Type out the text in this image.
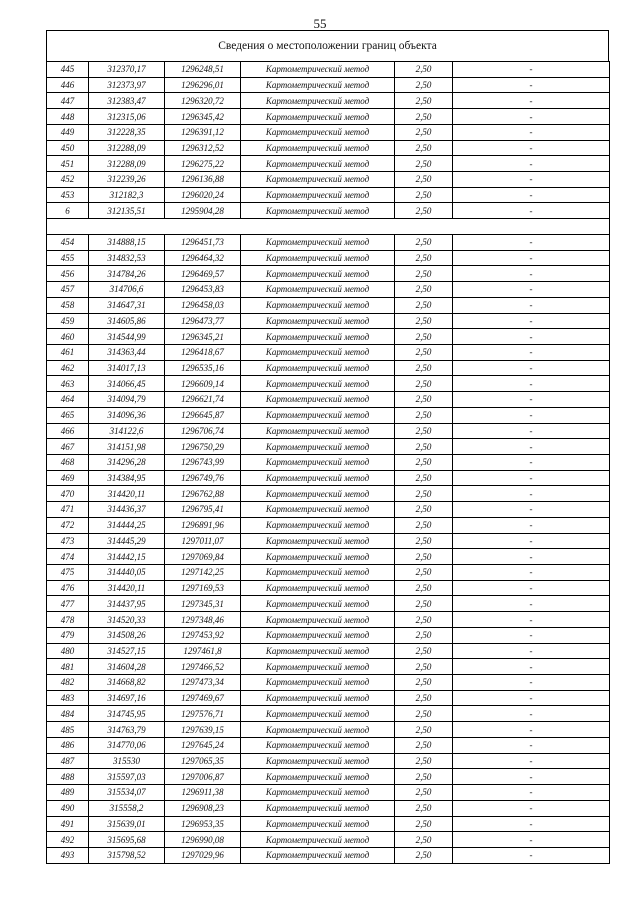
55
Сведения о местоположении границ объекта
445	312370,17	1296248,51	Картометрический метод	2,50	-
446	312373,97	1296296,01	Картометрический метод	2,50	-
447	312383,47	1296320,72	Картометрический метод	2,50	-
448	312315,06	1296345,42	Картометрический метод	2,50	-
449	312228,35	1296391,12	Картометрический метод	2,50	-
450	312288,09	1296312,52	Картометрический метод	2,50	-
451	312288,09	1296275,22	Картометрический метод	2,50	-
452	312239,26	1296136,88	Картометрический метод	2,50	-
453	312182,3	1296020,24	Картометрический метод	2,50	-
6	312135,51	1295904,28	Картометрический метод	2,50	-

454	314888,15	1296451,73	Картометрический метод	2,50	-
455	314832,53	1296464,32	Картометрический метод	2,50	-
456	314784,26	1296469,57	Картометрический метод	2,50	-
457	314706,6	1296453,83	Картометрический метод	2,50	-
458	314647,31	1296458,03	Картометрический метод	2,50	-
459	314605,86	1296473,77	Картометрический метод	2,50	-
460	314544,99	1296345,21	Картометрический метод	2,50	-
461	314363,44	1296418,67	Картометрический метод	2,50	-
462	314017,13	1296535,16	Картометрический метод	2,50	-
463	314066,45	1296609,14	Картометрический метод	2,50	-
464	314094,79	1296621,74	Картометрический метод	2,50	-
465	314096,36	1296645,87	Картометрический метод	2,50	-
466	314122,6	1296706,74	Картометрический метод	2,50	-
467	314151,98	1296750,29	Картометрический метод	2,50	-
468	314296,28	1296743,99	Картометрический метод	2,50	-
469	314384,95	1296749,76	Картометрический метод	2,50	-
470	314420,11	1296762,88	Картометрический метод	2,50	-
471	314436,37	1296795,41	Картометрический метод	2,50	-
472	314444,25	1296891,96	Картометрический метод	2,50	-
473	314445,29	1297011,07	Картометрический метод	2,50	-
474	314442,15	1297069,84	Картометрический метод	2,50	-
475	314440,05	1297142,25	Картометрический метод	2,50	-
476	314420,11	1297169,53	Картометрический метод	2,50	-
477	314437,95	1297345,31	Картометрический метод	2,50	-
478	314520,33	1297348,46	Картометрический метод	2,50	-
479	314508,26	1297453,92	Картометрический метод	2,50	-
480	314527,15	1297461,8	Картометрический метод	2,50	-
481	314604,28	1297466,52	Картометрический метод	2,50	-
482	314668,82	1297473,34	Картометрический метод	2,50	-
483	314697,16	1297469,67	Картометрический метод	2,50	-
484	314745,95	1297576,71	Картометрический метод	2,50	-
485	314763,79	1297639,15	Картометрический метод	2,50	-
486	314770,06	1297645,24	Картометрический метод	2,50	-
487	315530	1297065,35	Картометрический метод	2,50	-
488	315597,03	1297006,87	Картометрический метод	2,50	-
489	315534,07	1296911,38	Картометрический метод	2,50	-
490	315558,2	1296908,23	Картометрический метод	2,50	-
491	315639,01	1296953,35	Картометрический метод	2,50	-
492	315695,68	1296990,08	Картометрический метод	2,50	-
493	315798,52	1297029,96	Картометрический метод	2,50	-
